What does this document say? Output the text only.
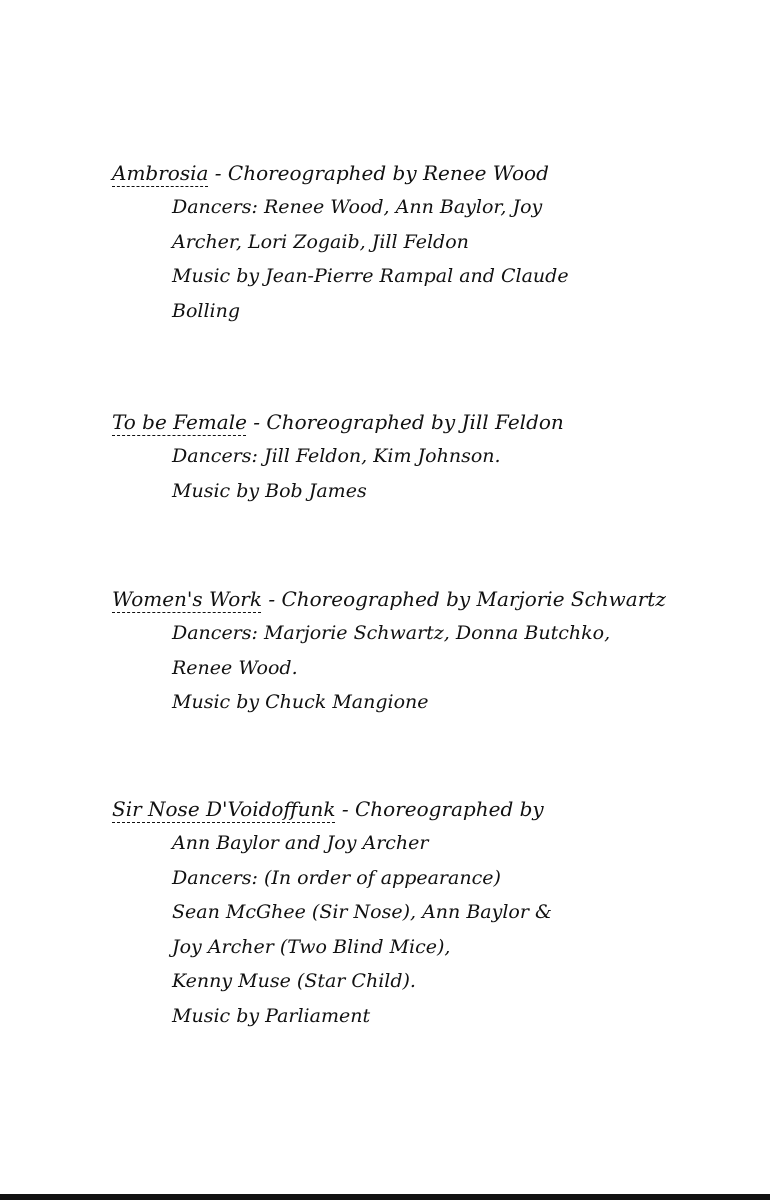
Ambrosia - Choreographed by Renee Wood
Dancers: Renee Wood, Ann Baylor, Joy
Archer, Lori Zogaib, Jill Feldon
Music by Jean-Pierre Rampal and Claude
Bolling
To be Female - Choreographed by Jill Feldon
Dancers: Jill Feldon, Kim Johnson.
Music by Bob James
Women's Work - Choreographed by Marjorie Schwartz
Dancers: Marjorie Schwartz, Donna Butchko,
Renee Wood.
Music by Chuck Mangione
Sir Nose D'Voidoffunk - Choreographed by
Ann Baylor and Joy Archer
Dancers: (In order of appearance)
Sean McGhee (Sir Nose), Ann Baylor &
Joy Archer (Two Blind Mice),
Kenny Muse (Star Child).
Music by Parliament
